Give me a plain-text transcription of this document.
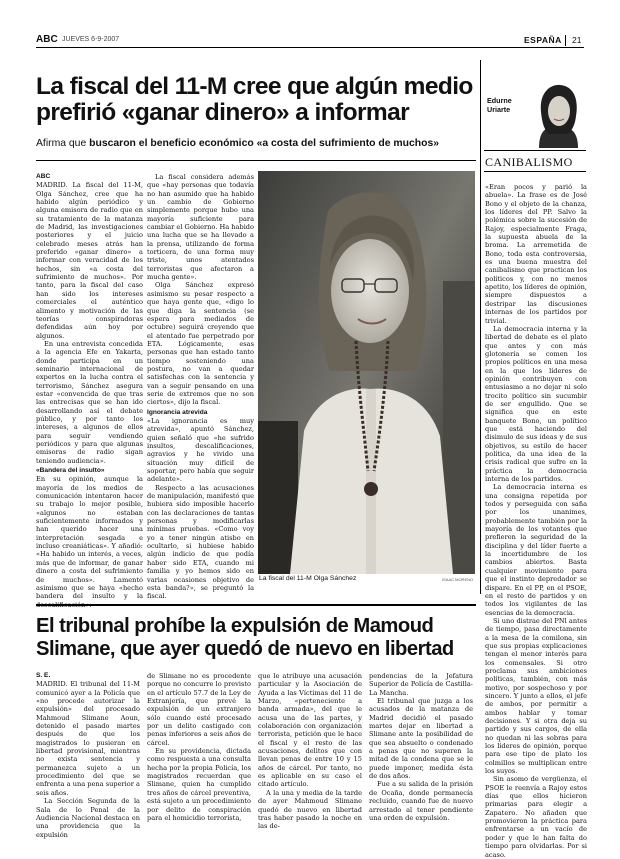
ABC JUEVES 6-9-2007	ESPAÑA 21
La fiscal del 11-M cree que algún medio prefirió «ganar dinero» a informar
Afirma que buscaron el beneficio económico «a costa del sufrimiento de muchos»
ABC

MADRID. La fiscal del 11-M, Olga Sánchez, cree que ha habido algún periódico y alguna emisora de radio que en su tratamiento de la matanza de Madrid, las investigaciones posteriores y el juicio celebrado meses atrás han preferido «ganar dinero» a informar con veracidad de los hechos, sin «a costa del sufrimiento de muchos». Por tanto, para la fiscal del caso han sido los intereses comerciales el auténtico alimento y motivación de las teorías conspiradoras defendidas aún hoy por algunos.

En una entrevista concedida a la agencia Efe en Yakarta, donde participa en un seminario internacional de expertos en la lucha contra el terrorismo, Sánchez asegura estar «convencida de que tras las entrecisas que se han ido desarrollando así el debate público, y por tanto los intereses, a algunos de ellos para seguir vendiendo periódicos y para que algunas emisoras de radio sigan teniendo audiencia».

«Bandera del insulto»

En su opinión, aunque la mayoría de los medios de comunicación intentaron hacer su trabajo lo mejor posible, «algunos no estaban suficientemente informados y han querido hacer una interpretación sesgada e incluso creaniáticas». Y añadió: «Ha habido un interés, a veces, más que de informar, de ganar dinero a costa del sufrimiento de muchos». Lamentó asimismo que se haya «hecho bandera del insulto y la

La fiscal considera además que «hay personas que todavía no han asumido que ha habido un cambio de Gobierno simplemente porque hubo una mayoría suficiente para cambiar el Gobierno. Ha habido una lucha que se ha llevado a la prensa, utilizando de forma torticera, de una forma muy triste, unos atentados terroristas que afectaron a mucha gente».

Olga Sánchez expresó asimismo su pesar respecto a que haya gente que, «digo lo que diga la sentencia (se espera para mediados de octubre) seguirá creyendo que el atentado fue perpetrado por ETA. Lógicamente, esas personas que han estado tanto tiempo sosteniendo una postura, no van a quedar satisfechas con la sentencia y van a seguir pensando en una serie de extremos que no son ciertos», dijo la fiscal.

Ignorancia atrevida

«La ignorancia es muy atrevida», apuntó Sánchez, quien señaló que «he sufrido insultos, descalificaciones, agravios y he vivido una situación muy difícil de soportar, pero había que seguir adelante».

Respecto a las acusaciones de manipulación, manifestó que hubiera sido imposible hacerlo con las declaraciones de tantas personas y modificarlas mínimas pruebas. «Como voy yo a tener ningún atisbo en ocultarlo, si hubiese habido algún indicio de que podía haber sido ETA, cuando mi familia y yo hemos sido en varias ocasiones objetivo de esta banda?», se preguntó la fiscal.

La fiscal del 11-M Olga Sánchez	ISAAC MORENO
Edurne
Uriarte
CANIBALISMO

«Eran pocos y parió la abuela». La frase es de José Bono y el objeto de la chanza, los líderes del PP. Salvo la polémica sobre la sucesión de Rajoy, especialmente Fraga, la supuesta abuela de la broma. La arremetida de Bono, toda esta controversia, es una buena muestra del canibalismo que practican los políticos y, con no menos apetito, los líderes de opinión, siempre dispuestos a destripar las discusiones internas de los partidos por trivial.

La democracia interna y la libertad de debate es el plato que antes y con más glotonería se comen los propios políticos en una mesa en la que los líderes de opinión contribuyen con entusiasmo a no dejar ni solo trocito político sin sucumbir de ser engullido. Que se significa que en este banquete Bono, un político que está haciendo del disimulo de sus ideas y de sus objetivos, su estilo de hacer política, da una idea de la crisis radical que sufre en la práctica la democracia interna de los partidos.

La democracia interna es una consigna repetida por todos y perseguida con saña por los unanimes, probablemente también por la mayoría de los votantes que prefieren la seguridad de la disciplina y del líder fuerte a la incertidumbre de los cambios abiertos. Basta cualquier movimiento para que el instinto depredador se dispare. En el PP, en el PSOE, en el resto de partidos y en todos los vigilantes de las esencias de la democracia.

Si uno distrae del PNl antes de tiempo, pasa directamente a la mesa de la comilona, sin que sus propias explicaciones tengan el menor interés para los comensales. Si otro proclama sus ambiciones políticas, también, con más motivo, por sospechoso y por sincero. Y junto a ellos, el jefe de ambos, por permitir a ambos hablar y tomar decisiones. Y si otra deja su partido y sus cargos, de ella no quedan ni las sobras para los líderes de opinión, porque para ese tipo de plato los colmillos se multiplican entre los suyos.

Sin asomo de vergüenza, el PSOE le reenvía a Rajoy estos días que ellos hicieron primarias para elegir a Zapatero. No añaden que promovieron la práctica para enfrentarse a un vacío de poder y que le han falta do tiempo para olvidarlas. Por si acaso.

El tribunal prohíbe la expulsión de Mamoud Slimane, que ayer quedó de nuevo en libertad
S. E.

MADRID. El tribunal del 11-M comunicó ayer a la Policía que «no procede autorizar la expulsión» del procesado Mahmoud Slimane Aoun, detenido el pasado martes después de que los magistrados lo pusieran en libertad provisional, mientras no exista sentencia y permanezca sujeto a un procedimiento del que se enfrenta a una pena superior a seis años.

La Sección Segunda de la Sala de lo Penal de la Audiencia Nacional destaca en una providencia que la expulsión

de Slimane no es procedente porque no concurre lo previsto en el artículo 57.7 de la Ley de Extranjería, que prevé la expulsión de un extranjero sólo cuando esté procesado por un delito castigado con penas inferiores a seis años de cárcel.

En su providencia, dictada como respuesta a una consulta hecha por la propia Policía, los magistrados recuerdan que Slimane, quien ha cumplido tres años de cárcel preventiva, está sujeto a un procedimiento por delito de conspiración para el homicidio terrorista,

que le atribuye una acusación particular y la Asociación de Ayuda a las Víctimas del 11 de Marzo, «perteneciente a banda armada», del que le acusa una de las partes, y colaboración con organización terrorista, petición que le hace el fiscal y el resto de las acusaciones, delitos que con llevan penas de entre 10 y 15 años de cárcel. Por tanto, no es aplicable en su caso el citado artículo.

A la una y media de la tarde de ayer Mahmoud Slimane quedó de nuevo en libertad tras haber pasado la noche en las de-

pendencias de la Jefatura Superior de Policía de Castilla-La Mancha.

El tribunal que juzga a los acusados de la matanza de Madrid decidió el pasado martes dejar en libertad a Slimane ante la posibilidad de que sea absuelto o condenado a penas que no superen la mitad de la condena que se le puede imponer, medida ésta de dos años.

Fue a su salida de la prisión de Ocaña, donde permanecía recluido, cuando fue de nuevo arrestado al tener pendiente una orden de expulsión.
